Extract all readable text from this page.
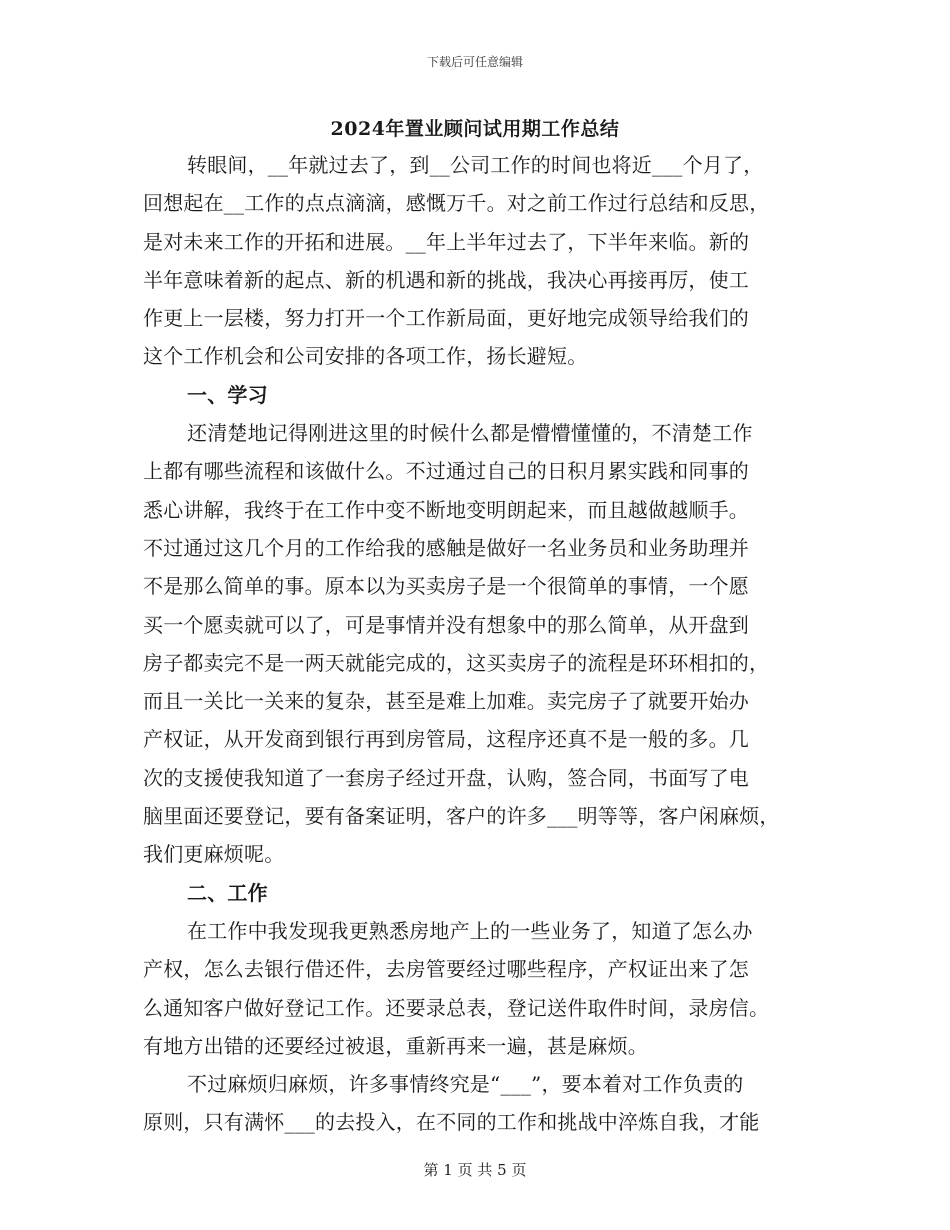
下载后可任意编辑
2024年置业顾问试用期工作总结
转眼间，__年就过去了，到__公司工作的时间也将近___个月了，
回想起在__工作的点点滴滴，感慨万千。对之前工作过行总结和反思，
是对未来工作的开拓和进展。__年上半年过去了，下半年来临。新的
半年意味着新的起点、新的机遇和新的挑战，我决心再接再厉，使工
作更上一层楼，努力打开一个工作新局面，更好地完成领导给我们的
这个工作机会和公司安排的各项工作，扬长避短。
一、学习
还清楚地记得刚进这里的时候什么都是懵懵懂懂的，不清楚工作
上都有哪些流程和该做什么。不过通过自己的日积月累实践和同事的
悉心讲解，我终于在工作中变不断地变明朗起来，而且越做越顺手。
不过通过这几个月的工作给我的感触是做好一名业务员和业务助理并
不是那么简单的事。原本以为买卖房子是一个很简单的事情，一个愿
买一个愿卖就可以了，可是事情并没有想象中的那么简单，从开盘到
房子都卖完不是一两天就能完成的，这买卖房子的流程是环环相扣的，
而且一关比一关来的复杂，甚至是难上加难。卖完房子了就要开始办
产权证，从开发商到银行再到房管局，这程序还真不是一般的多。几
次的支援使我知道了一套房子经过开盘，认购，签合同，书面写了电
脑里面还要登记，要有备案证明，客户的许多___明等等，客户闲麻烦，
我们更麻烦呢。
二、工作
在工作中我发现我更熟悉房地产上的一些业务了，知道了怎么办
产权，怎么去银行借还件，去房管要经过哪些程序，产权证出来了怎
么通知客户做好登记工作。还要录总表，登记送件取件时间，录房信。
有地方出错的还要经过被退，重新再来一遍，甚是麻烦。
不过麻烦归麻烦，许多事情终究是“___”，要本着对工作负责的
原则，只有满怀___的去投入，在不同的工作和挑战中淬炼自我，才能
第 1 页 共 5 页
